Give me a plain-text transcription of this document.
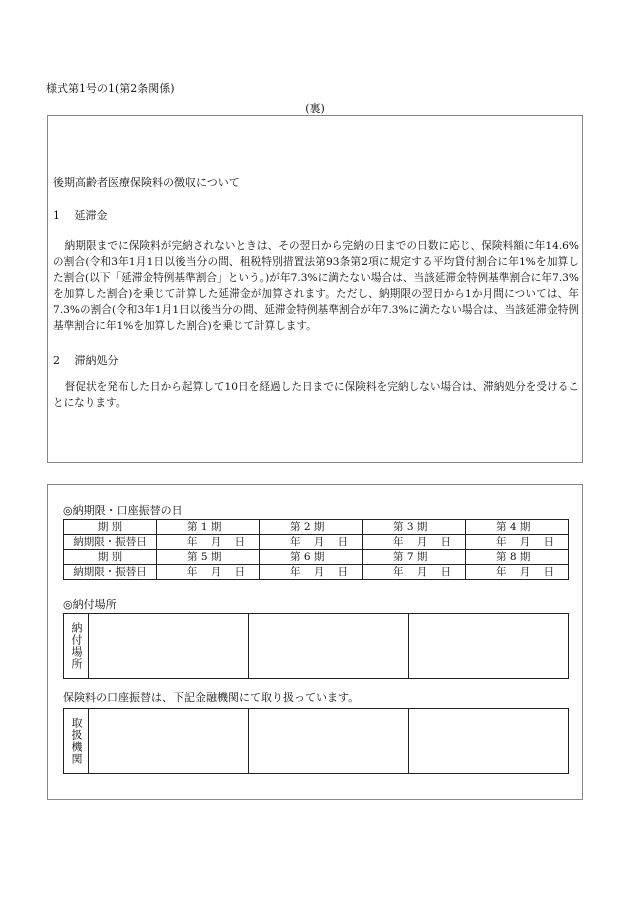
様式第1号の1(第2条関係)
(裏)
後期高齢者医療保険料の徴収について
1 延滞金
納期限までに保険料が完納されないときは、その翌日から完納の日までの日数に応じ、保険料額に年14.6%の割合(令和3年1月1日以後当分の間、租税特別措置法第93条第2項に規定する平均貸付割合に年1%を加算した割合(以下「延滞金特例基準割合」という。)が年7.3%に満たない場合は、当該延滞金特例基準割合に年7.3%を加算した割合)を乗じて計算した延滞金が加算されます。ただし、納期限の翌日から1か月間については、年7.3%の割合(令和3年1月1日以後当分の間、延滞金特例基準割合が年7.3%に満たない場合は、当該延滞金特例基準割合に年1%を加算した割合)を乗じて計算します。
2 滞納処分
督促状を発布した日から起算して10日を経過した日までに保険料を完納しない場合は、滞納処分を受けることになります。
◎納期限・口座振替の日
期 別	第 1 期	第 2 期	第 3 期	第 4 期
納期限・振替日	年 月 日	年 月 日	年 月 日	年 月 日
期 別	第 5 期	第 6 期	第 7 期	第 8 期
納期限・振替日	年 月 日	年 月 日	年 月 日	年 月 日
◎納付場所
納付場所
保険料の口座振替は、下記金融機関にて取り扱っています。
取扱機関
